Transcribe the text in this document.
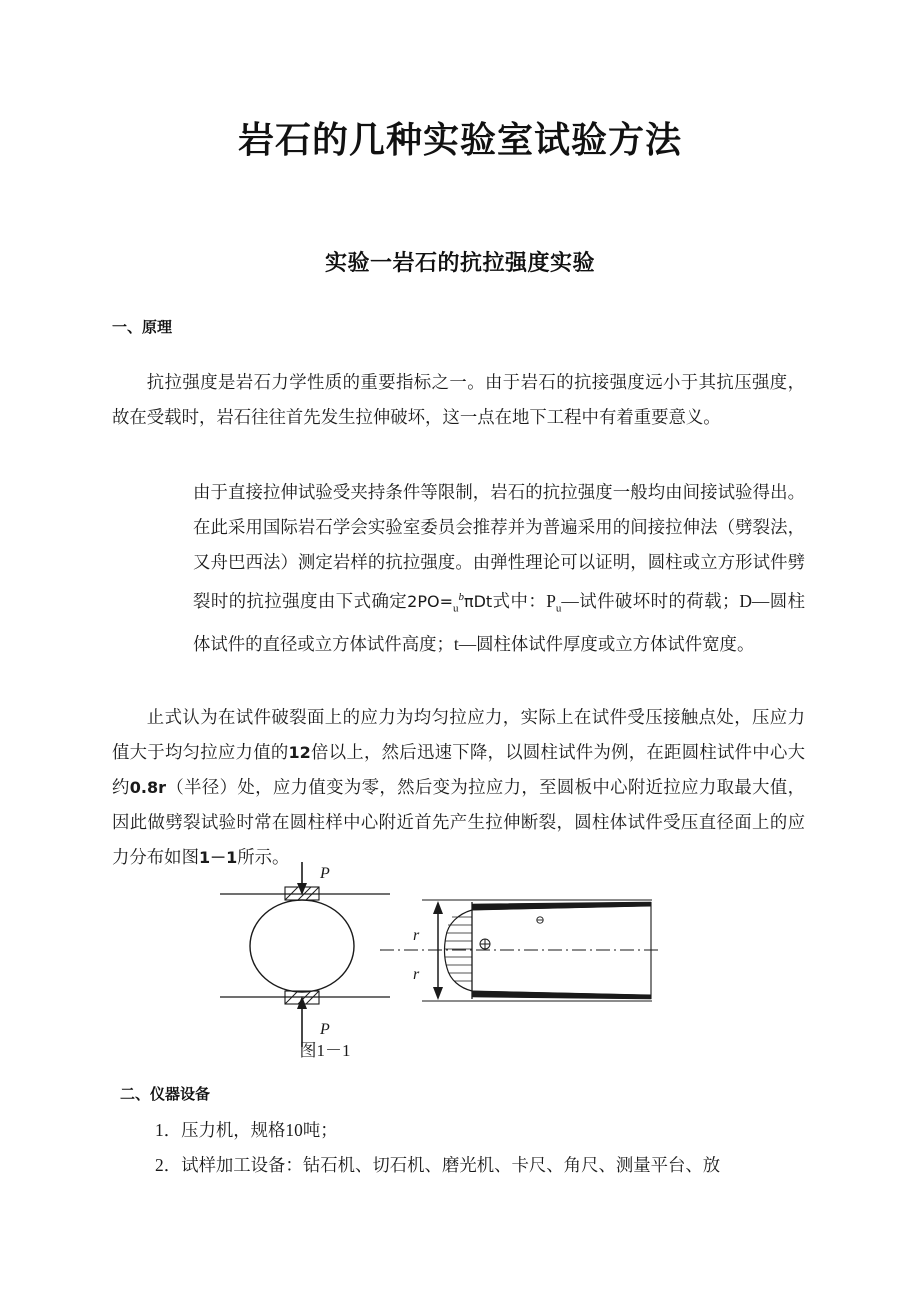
岩石的几种实验室试验方法
实验一岩石的抗拉强度实验
一、原理

抗拉强度是岩石力学性质的重要指标之一。由于岩石的抗接强度远小于其抗压强度，故在受载时，岩石往往首先发生拉伸破坏，这一点在地下工程中有着重要意义。

由于直接拉伸试验受夹持条件等限制，岩石的抗拉强度一般均由间接试验得出。在此采用国际岩石学会实验室委员会推荐并为普遍采用的间接拉伸法（劈裂法，又舟巴西法）测定岩样的抗拉强度。由弹性理论可以证明，圆柱或立方形试件劈裂时的抗拉强度由下式确定$2PO=_u^b\pi Dt$式中：$P_u—$试件破坏时的荷载；D—圆柱体试件的直径或立方体试件高度；t—圆柱体试件厚度或立方体试件宽度。

止式认为在试件破裂面上的应力为均匀拉应力，实际上在试件受压接触点处，压应力值大于均匀拉应力值的12倍以上，然后迅速下降，以圆柱试件为例，在距圆柱试件中心大约0.8r（半径）处，应力值变为零，然后变为拉应力，至圆板中心附近拉应力取最大值，因此做劈裂试验时常在圆柱样中心附近首先产生拉伸断裂，圆柱体试件受压直径面上的应力分布如图1－1所示。

P
P
r
r
图1－1
二、仪器设备
1．压力机，规格10吨；
2．试样加工设备：钻石机、切石机、磨光机、卡尺、角尺、测量平台、放
